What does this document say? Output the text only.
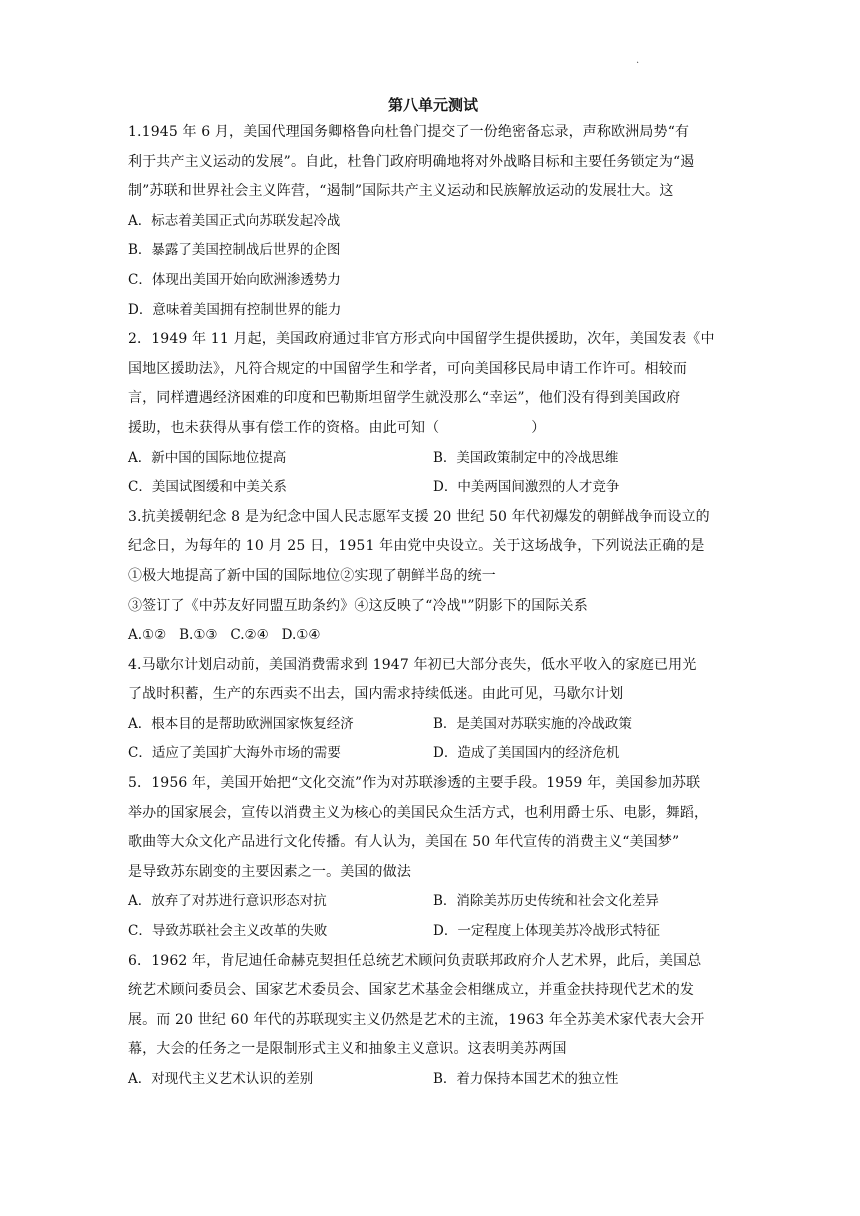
.
第八单元测试
1.1945 年 6 月，美国代理国务卿格鲁向杜鲁门提交了一份绝密备忘录，声称欧洲局势“有
利于共产主义运动的发展”。自此，杜鲁门政府明确地将对外战略目标和主要任务锁定为“遏
制”苏联和世界社会主义阵营，“遏制”国际共产主义运动和民族解放运动的发展壮大。这
A．标志着美国正式向苏联发起冷战
B．暴露了美国控制战后世界的企图
C．体现出美国开始向欧洲渗透势力
D．意味着美国拥有控制世界的能力
2．1949 年 11 月起，美国政府通过非官方形式向中国留学生提供援助，次年，美国发表《中
国地区援助法》，凡符合规定的中国留学生和学者，可向美国移民局申请工作许可。相较而
言，同样遭遇经济困难的印度和巴勒斯坦留学生就没那么“幸运”，他们没有得到美国政府
援助，也未获得从事有偿工作的资格。由此可知（                    ）
A．新中国的国际地位提高	B．美国政策制定中的冷战思维
C．美国试图缓和中美关系	D．中美两国间激烈的人才竞争
3.抗美援朝纪念 8 是为纪念中国人民志愿军支援 20 世纪 50 年代初爆发的朝鲜战争而设立的
纪念日，为每年的 10 月 25 日，1951 年由党中央设立。关于这场战争，下列说法正确的是
①极大地提高了新中国的国际地位②实现了朝鲜半岛的统一
③签订了《中苏友好同盟互助条约》④这反映了“冷战"”阴影下的国际关系
A.①②   B.①③   C.②④   D.①④
4.马歇尔计划启动前，美国消费需求到 1947 年初已大部分丧失，低水平收入的家庭已用光
了战时积蓄，生产的东西卖不出去，国内需求持续低迷。由此可见，马歇尔计划
A．根本目的是帮助欧洲国家恢复经济	B．是美国对苏联实施的冷战政策
C．适应了美国扩大海外市场的需要	D．造成了美国国内的经济危机
5．1956 年，美国开始把“文化交流”作为对苏联渗透的主要手段。1959 年，美国参加苏联
举办的国家展会，宣传以消费主义为核心的美国民众生活方式，也利用爵士乐、电影，舞蹈，
歌曲等大众文化产品进行文化传播。有人认为，美国在 50 年代宣传的消费主义“美国梦”
是导致苏东剧变的主要因素之一。美国的做法
A．放弃了对苏进行意识形态对抗	B．消除美苏历史传统和社会文化差异
C．导致苏联社会主义改革的失败	D．一定程度上体现美苏冷战形式特征
6．1962 年，肯尼迪任命赫克契担任总统艺术顾问负责联邦政府介人艺术界，此后，美国总
统艺术顾问委员会、国家艺术委员会、国家艺术基金会相继成立，并重金扶持现代艺术的发
展。而 20 世纪 60 年代的苏联现实主义仍然是艺术的主流，1963 年全苏美术家代表大会开
幕，大会的任务之一是限制形式主义和抽象主义意识。这表明美苏两国
A．对现代主义艺术认识的差别	B．着力保持本国艺术的独立性
